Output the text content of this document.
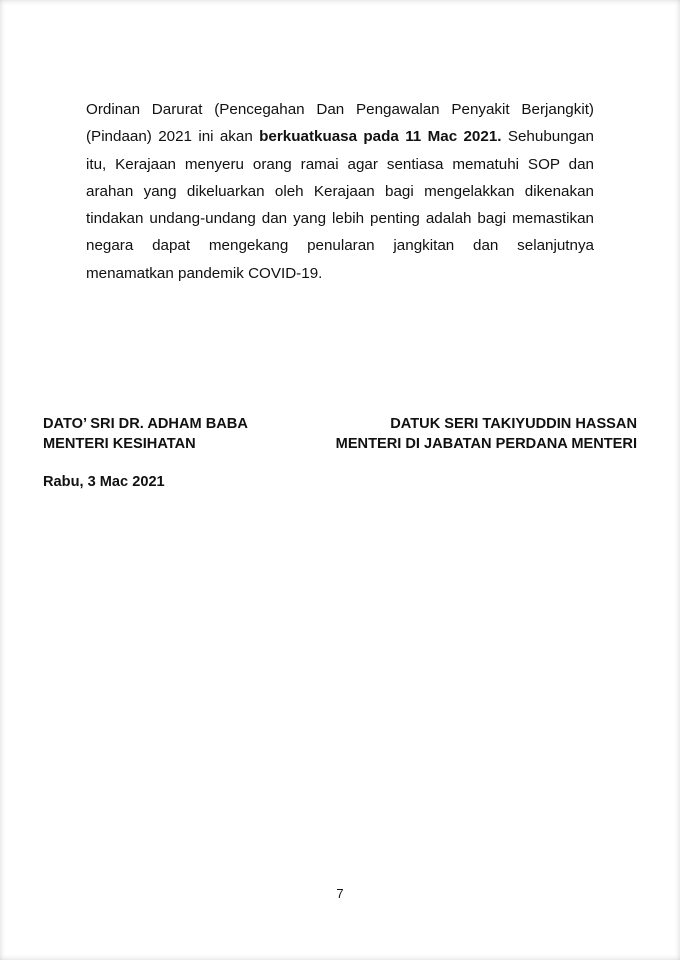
Ordinan Darurat (Pencegahan Dan Pengawalan Penyakit Berjangkit) (Pindaan) 2021 ini akan berkuatkuasa pada 11 Mac 2021. Sehubungan itu, Kerajaan menyeru orang ramai agar sentiasa mematuhi SOP dan arahan yang dikeluarkan oleh Kerajaan bagi mengelakkan dikenakan tindakan undang-undang dan yang lebih penting adalah bagi memastikan negara dapat mengekang penularan jangkitan dan selanjutnya menamatkan pandemik COVID-19.

DATO’ SRI DR. ADHAM BABA
MENTERI KESIHATAN
DATUK SERI TAKIYUDDIN HASSAN
MENTERI DI JABATAN PERDANA MENTERI
Rabu, 3 Mac 2021
7
